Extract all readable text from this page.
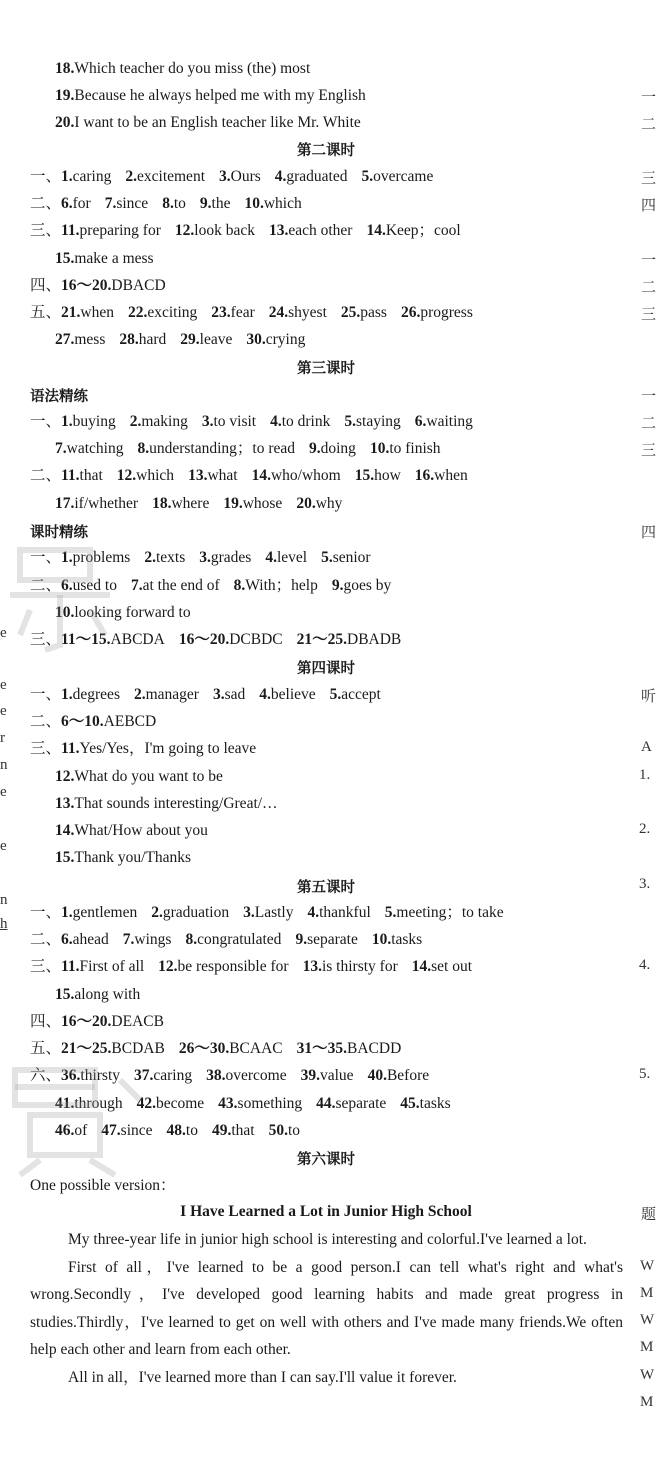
18.Which teacher do you miss (the) most
19.Because he always helped me with my English
20.I want to be an English teacher like Mr. White
第二课时
一、1.caring 2.excitement 3.Ours 4.graduated 5.overcame
二、6.for 7.since 8.to 9.the 10.which
三、11.preparing for 12.look back 13.each other 14.Keep；cool
15.make a mess
四、16～20.DBACD
五、21.when 22.exciting 23.fear 24.shyest 25.pass 26.progress
27.mess 28.hard 29.leave 30.crying
第三课时
语法精练
一、1.buying 2.making 3.to visit 4.to drink 5.staying 6.waiting
7.watching 8.understanding；to read 9.doing 10.to finish
二、11.that 12.which 13.what 14.who/whom 15.how 16.when
17.if/whether 18.where 19.whose 20.why
课时精练
一、1.problems 2.texts 3.grades 4.level 5.senior
二、6.used to 7.at the end of 8.With；help 9.goes by
10.looking forward to
三、11～15.ABCDA 16～20.DCBDC 21～25.DBADB
第四课时
一、1.degrees 2.manager 3.sad 4.believe 5.accept
二、6～10.AEBCD
三、11.Yes/Yes，I'm going to leave
12.What do you want to be
13.That sounds interesting/Great/…
14.What/How about you
15.Thank you/Thanks
第五课时
一、1.gentlemen 2.graduation 3.Lastly 4.thankful 5.meeting；to take
二、6.ahead 7.wings 8.congratulated 9.separate 10.tasks
三、11.First of all 12.be responsible for 13.is thirsty for 14.set out
15.along with
四、16～20.DEACB
五、21～25.BCDAB 26～30.BCAAC 31～35.BACDD
六、36.thirsty 37.caring 38.overcome 39.value 40.Before
41.through 42.become 43.something 44.separate 45.tasks
46.of 47.since 48.to 49.that 50.to
第六课时
One possible version：
I Have Learned a Lot in Junior High School

My three-year life in junior high school is interesting and colorful.I've learned a lot.

First of all，I've learned to be a good person.I can tell what's right and what's wrong.Secondly，I've developed good learning habits and made great progress in studies.Thirdly，I've learned to get on well with others and I've made many friends.We often help each other and learn from each other.

All in all，I've learned more than I can say.I'll value it forever.

一
二
三
四
一
二
三
一
二
三
四
听
A
1.
2.
3.
4.
5.
题
W
M
W
M
W
M
e
e
e
r
n
e
e
n
h
